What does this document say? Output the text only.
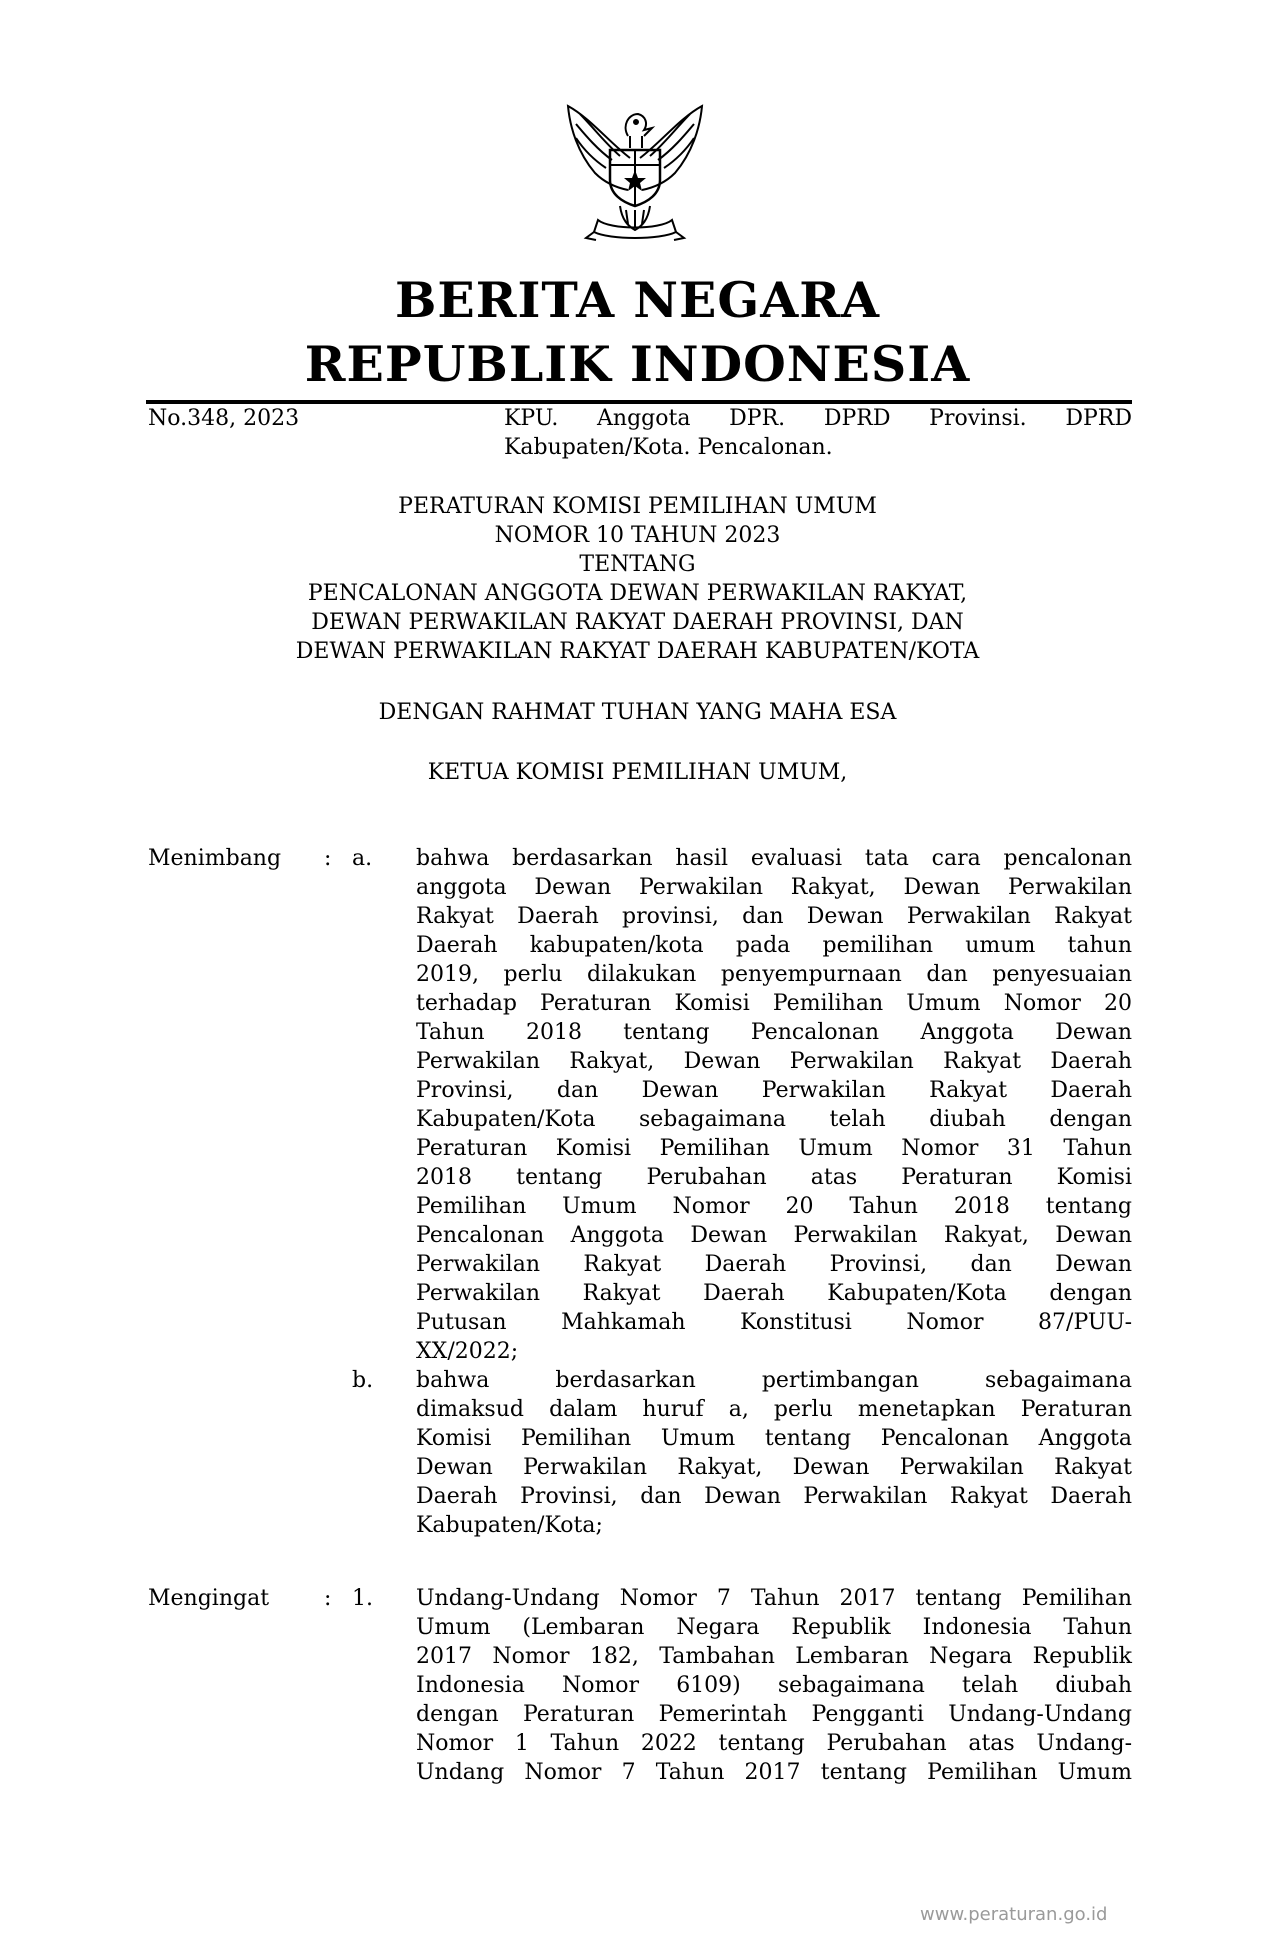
BERITA NEGARA
REPUBLIK INDONESIA
No.348, 2023	KPU. Anggota DPR. DPRD Provinsi. DPRD
Kabupaten/Kota. Pencalonan.
PERATURAN KOMISI PEMILIHAN UMUM
NOMOR 10 TAHUN 2023
TENTANG
PENCALONAN ANGGOTA DEWAN PERWAKILAN RAKYAT,
DEWAN PERWAKILAN RAKYAT DAERAH PROVINSI, DAN
DEWAN PERWAKILAN RAKYAT DAERAH KABUPATEN/KOTA
DENGAN RAHMAT TUHAN YANG MAHA ESA
KETUA KOMISI PEMILIHAN UMUM,
Menimbang : a. bahwa berdasarkan hasil evaluasi tata cara pencalonan
anggota Dewan Perwakilan Rakyat, Dewan Perwakilan
Rakyat Daerah provinsi, dan Dewan Perwakilan Rakyat
Daerah kabupaten/kota pada pemilihan umum tahun
2019, perlu dilakukan penyempurnaan dan penyesuaian
terhadap Peraturan Komisi Pemilihan Umum Nomor 20
Tahun 2018 tentang Pencalonan Anggota Dewan
Perwakilan Rakyat, Dewan Perwakilan Rakyat Daerah
Provinsi, dan Dewan Perwakilan Rakyat Daerah
Kabupaten/Kota sebagaimana telah diubah dengan
Peraturan Komisi Pemilihan Umum Nomor 31 Tahun
2018 tentang Perubahan atas Peraturan Komisi
Pemilihan Umum Nomor 20 Tahun 2018 tentang
Pencalonan Anggota Dewan Perwakilan Rakyat, Dewan
Perwakilan Rakyat Daerah Provinsi, dan Dewan
Perwakilan Rakyat Daerah Kabupaten/Kota dengan
Putusan Mahkamah Konstitusi Nomor 87/PUU-
XX/2022;
b. bahwa berdasarkan pertimbangan sebagaimana
dimaksud dalam huruf a, perlu menetapkan Peraturan
Komisi Pemilihan Umum tentang Pencalonan Anggota
Dewan Perwakilan Rakyat, Dewan Perwakilan Rakyat
Daerah Provinsi, dan Dewan Perwakilan Rakyat Daerah
Kabupaten/Kota;
Mengingat : 1. Undang-Undang Nomor 7 Tahun 2017 tentang Pemilihan
Umum (Lembaran Negara Republik Indonesia Tahun
2017 Nomor 182, Tambahan Lembaran Negara Republik
Indonesia Nomor 6109) sebagaimana telah diubah
dengan Peraturan Pemerintah Pengganti Undang-Undang
Nomor 1 Tahun 2022 tentang Perubahan atas Undang-
Undang Nomor 7 Tahun 2017 tentang Pemilihan Umum
www.peraturan.go.id
